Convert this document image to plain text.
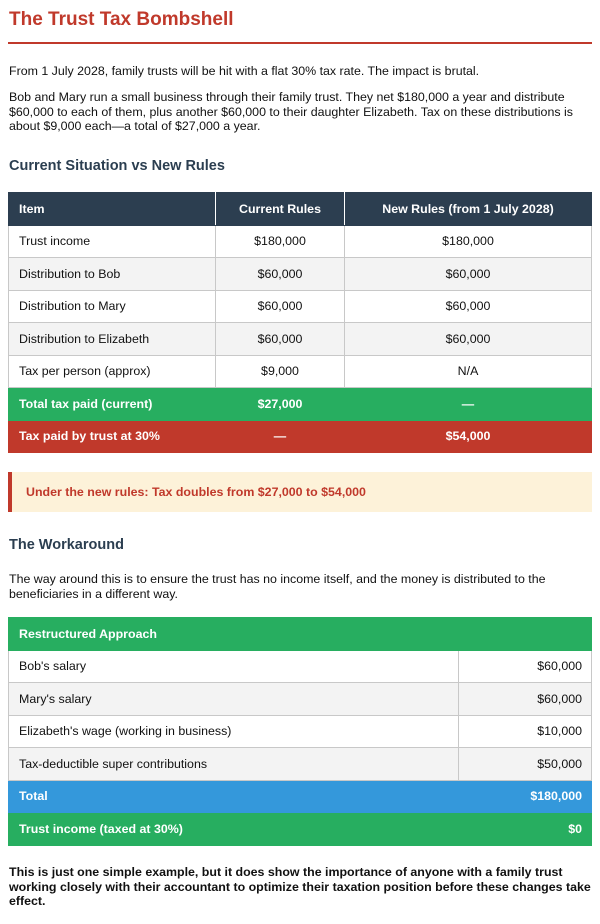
The Trust Tax Bombshell

From 1 July 2028, family trusts will be hit with a flat 30% tax rate. The impact is brutal.

Bob and Mary run a small business through their family trust. They net $180,000 a year and distribute $60,000 to each of them, plus another $60,000 to their daughter Elizabeth. Tax on these distributions is about $9,000 each—a total of $27,000 a year.

Current Situation vs New Rules
Item	Current Rules	New Rules (from 1 July 2028)
Trust income	$180,000	$180,000
Distribution to Bob	$60,000	$60,000
Distribution to Mary	$60,000	$60,000
Distribution to Elizabeth	$60,000	$60,000
Tax per person (approx)	$9,000	N/A
Total tax paid (current)	$27,000	—
Tax paid by trust at 30%	—	$54,000
Under the new rules: Tax doubles from $27,000 to $54,000
The Workaround

The way around this is to ensure the trust has no income itself, and the money is distributed to the beneficiaries in a different way.

Restructured Approach	
Bob's salary	$60,000
Mary's salary	$60,000
Elizabeth's wage (working in business)	$10,000
Tax-deductible super contributions	$50,000
Total	$180,000
Trust income (taxed at 30%)	$0

This is just one simple example, but it does show the importance of anyone with a family trust working closely with their accountant to optimize their taxation position before these changes take effect.
